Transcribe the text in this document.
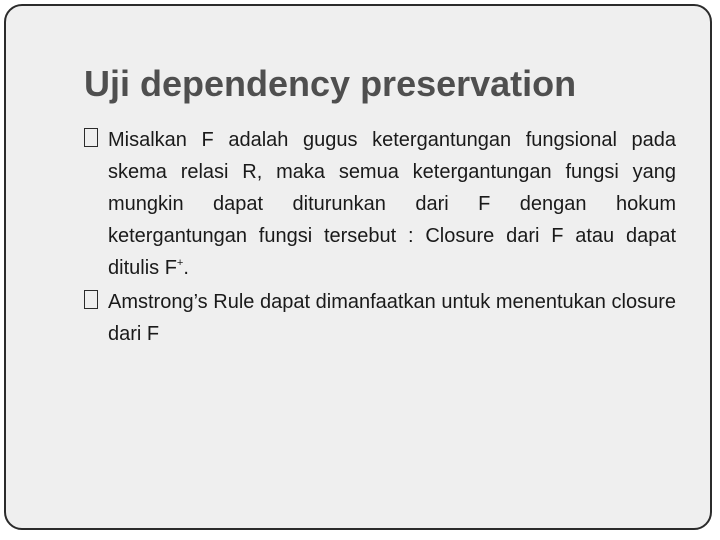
Uji dependency preservation

Misalkan F adalah gugus ketergantungan fungsional pada skema relasi R, maka semua ketergantungan fungsi yang mungkin dapat diturunkan dari F dengan hokum ketergantungan fungsi tersebut : Closure dari F atau dapat ditulis F+.

Amstrong’s Rule dapat dimanfaatkan untuk menentukan closure dari F
